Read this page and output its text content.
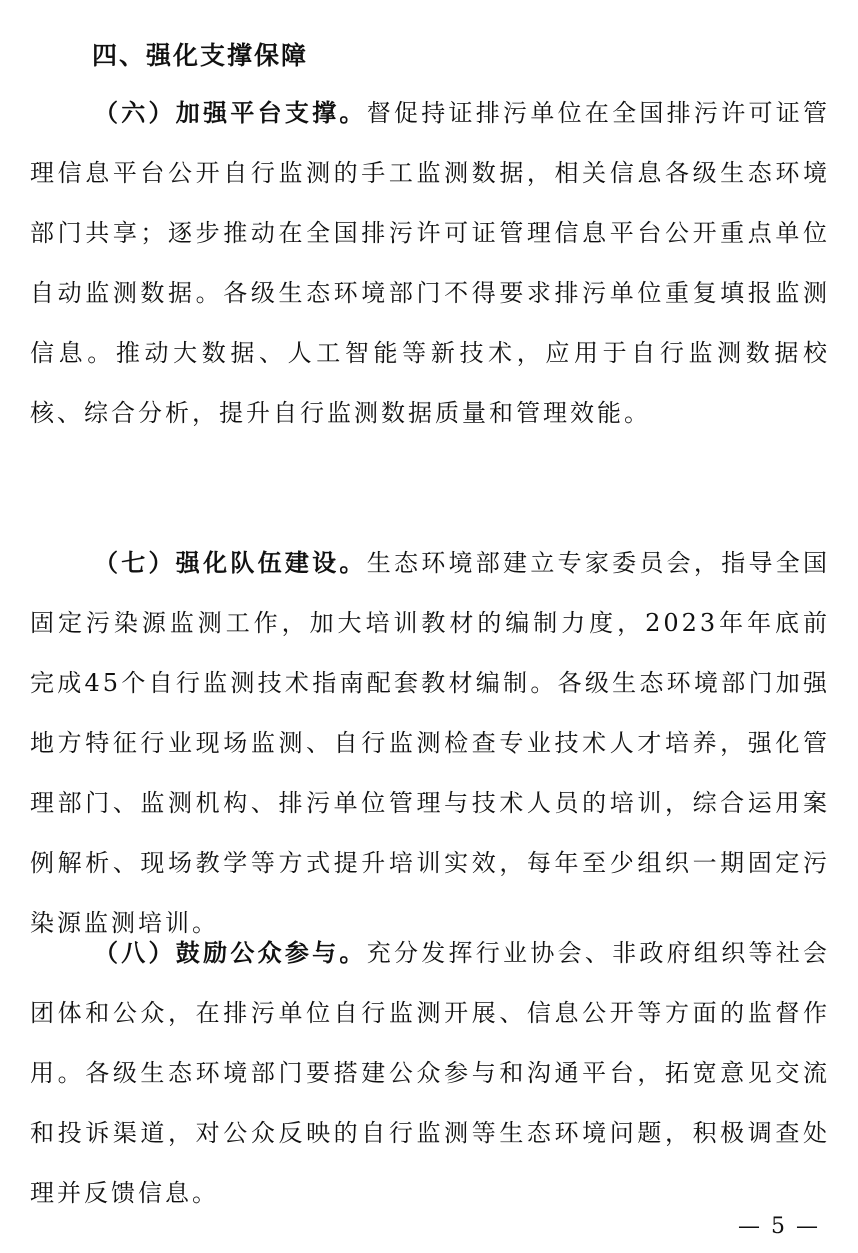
四、强化支撑保障

（六）加强平台支撑。督促持证排污单位在全国排污许可证管理信息平台公开自行监测的手工监测数据，相关信息各级生态环境部门共享；逐步推动在全国排污许可证管理信息平台公开重点单位自动监测数据。各级生态环境部门不得要求排污单位重复填报监测信息。推动大数据、人工智能等新技术，应用于自行监测数据校核、综合分析，提升自行监测数据质量和管理效能。

（七）强化队伍建设。生态环境部建立专家委员会，指导全国固定污染源监测工作，加大培训教材的编制力度，2023年年底前完成45个自行监测技术指南配套教材编制。各级生态环境部门加强地方特征行业现场监测、自行监测检查专业技术人才培养，强化管理部门、监测机构、排污单位管理与技术人员的培训，综合运用案例解析、现场教学等方式提升培训实效，每年至少组织一期固定污染源监测培训。

（八）鼓励公众参与。充分发挥行业协会、非政府组织等社会团体和公众，在排污单位自行监测开展、信息公开等方面的监督作用。各级生态环境部门要搭建公众参与和沟通平台，拓宽意见交流和投诉渠道，对公众反映的自行监测等生态环境问题，积极调查处理并反馈信息。

— 5 —
